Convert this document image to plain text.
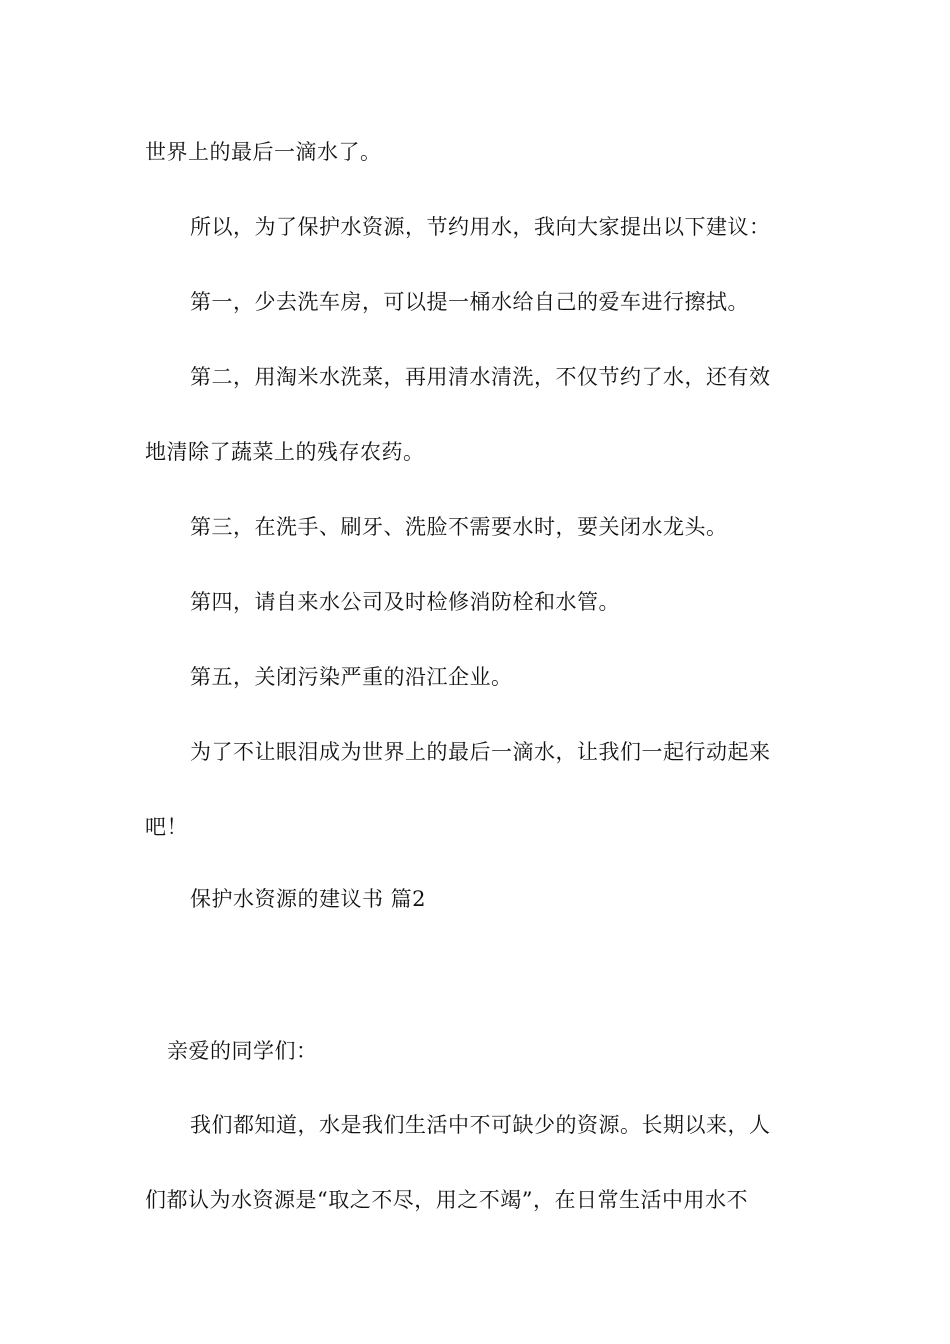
世界上的最后一滴水了。
所以，为了保护水资源，节约用水，我向大家提出以下建议：
第一，少去洗车房，可以提一桶水给自己的爱车进行擦拭。
第二，用淘米水洗菜，再用清水清洗，不仅节约了水，还有效
地清除了蔬菜上的残存农药。
第三，在洗手、刷牙、洗脸不需要水时，要关闭水龙头。
第四，请自来水公司及时检修消防栓和水管。
第五，关闭污染严重的沿江企业。
为了不让眼泪成为世界上的最后一滴水，让我们一起行动起来
吧！
保护水资源的建议书 篇2
亲爱的同学们：
我们都知道，水是我们生活中不可缺少的资源。长期以来，人
们都认为水资源是“取之不尽，用之不竭”，在日常生活中用水不
